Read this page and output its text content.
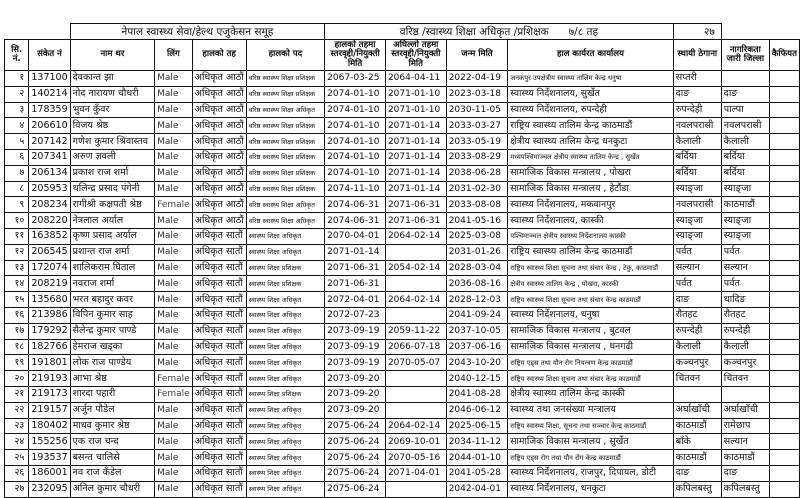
		नेपाल स्वास्थ्य सेवा/हेल्थ एजुकेसन समूह				वरिष्ठ /स्वास्थ्य शिक्षा अधिकृत /प्रशिक्षक      ७/८ तह				२७		
सि. नं.	संकेत नं	नाम थर	लिंग	हालको तह	हालको पद	हालको तहमा स्तरवृद्दी/नियुक्ती मिति	अघिल्लो तहमा स्तरवृद्दी/नियुक्ती मिति	जन्म मिति	हाल कार्यरत कार्यालय	स्थायी ठेगाना	नागरिकता जारी जिल्ला	कैफियत
१	137100	देवकान्त झा	Male	अधिकृत आठौं	वरिष्ठ स्वास्थ्य शिक्षा प्रशिक्षक	2067-03-25	2064-04-11	2022-04-19	जनकपुर उपक्षेत्रीय स्वास्थ्य तालिम केन्द्र धनुषा	सप्तरी		
२	140214	नोद नारायण चौधरी	Male	अधिकृत आठौं	वरिष्ठ स्वास्थ्य शिक्षा प्रशिक्षक	2074-01-10	2071-01-10	2023-03-18	स्वास्थ्य निर्देशनालय, सुर्खेत	दाङ	दाङ	
३	178359	भुवन कुँवर	Male	अधिकृत आठौं	वरिष्ठ स्वास्थ्य शिक्षा अधिकृत	2074-01-10	2071-01-10	2030-11-05	स्वास्थ्य निर्देशनालय, रुपन्देही	रुपन्देही	पाल्पा	
४	206610	विजय श्रेष्ठ	Male	अधिकृत आठौं	वरिष्ठ स्वास्थ्य शिक्षा प्रशिक्षक	2074-01-10	2071-01-14	2033-03-27	राष्ट्रिय स्वास्थ्य तालिम केन्द्र काठमाडौं	नवलपरासी	नवलपरासी	
५	207142	गणेश कुमार श्रिवास्तव	Male	अधिकृत आठौं	वरिष्ठ स्वास्थ्य शिक्षा प्रशिक्षक	2074-01-10	2071-01-14	2033-05-19	क्षेत्रीय स्वास्थ्य तालिम केन्द्र धनकुटा	कैलाली	कैलाली	
६	207341	अरुण ज्ञवली	Male	अधिकृत आठौं	वरिष्ठ स्वास्थ्य शिक्षा प्रशिक्षक	2074-01-10	2071-01-14	2033-08-29	मध्यपश्चिमाञ्चल क्षेत्रीय स्वास्थ्य तालिम केन्द्र , सुर्खेत	बर्दिया	बर्दिया	
७	206134	प्रकाश राज शर्मा	Male	अधिकृत आठौं	वरिष्ठ स्वास्थ्य शिक्षा प्रशिक्षक	2074-01-10	2071-01-14	2038-06-28	सामाजिक विकास मन्त्रालय , पोखरा	बर्दिया	बर्दिया	
८	205953	थलिन्द्र प्रसाद पंगेनी	Male	अधिकृत आठौं	वरिष्ठ स्वास्थ्य शिक्षा प्रशिक्षक	2074-11-10	2071-01-14	2031-02-30	सामाजिक विकास मन्त्रालय , हेटौंडा	स्याङ्जा	स्याङ्जा	
९	208234	रागीश्री कक्षपती श्रेष्ठ	Female	अधिकृत आठौं	वरिष्ठ स्वास्थ्य शिक्षा अधिकृत	2074-06-31	2071-06-31	2033-08-08	स्वास्थ्य निर्देशनालय, मकवानपुर	नवलपरासी	काठमाडौं	
१०	208220	नेत्रलाल अर्याल	Male	अधिकृत आठौं	वरिष्ठ स्वास्थ्य शिक्षा अधिकृत	2074-06-31	2071-06-31	2041-05-16	स्वास्थ्य निर्देशनालय, कास्की	स्याङ्जा	स्याङ्जा	
११	163852	कृष्ण प्रसाद अर्याल	Male	अधिकृत सातौं	स्वास्थ्य शिक्षा अधिकृत	2070-04-01	2064-02-14	2025-03-08	पश्चिमाञ्चल क्षेत्रीय स्वास्थ्य निर्देशनालय कास्की	स्याङ्जा	स्याङ्जा	
१२	206545	प्रशान्त राज शर्मा	Male	अधिकृत सातौं	स्वास्थ्य शिक्षा अधिकृत	2071-01-14		2031-01-26	राष्ट्रिय स्वास्थ्य तालिम केन्द्र काठमाडौं	पर्वत	पर्वत	
१३	172074	शालिकराम घिताल	Male	अधिकृत सातौं	स्वास्थ्य शिक्षा प्रशिक्षक	2071-06-31	2054-02-14	2028-03-04	राष्ट्रिय स्वास्थ्य शिक्षा सूचना तथा संचार केन्द्र , टेकु, काठमाडौं	सल्यान	सल्यान	
१४	208219	नवराज शर्मा	Male	अधिकृत सातौं	स्वास्थ्य शिक्षा प्रशिक्षक	2071-06-31		2036-08-16	क्षेत्रीय स्वास्थ्य तालिम केन्द्र , पोखरा, कास्की	पर्वत	पर्वत	
१५	135680	भरत बहादुर कवर	Male	अधिकृत सातौं	स्वास्थ्य शिक्षा अधिकृत	2072-04-01	2064-02-14	2028-12-03	राष्ट्रिय स्वास्थ्य शिक्षा सूचना तथा संचार केन्द्र काठमाडौं	दाङ	धादिङ	
१६	213986	विपिन कुमार साह	Male	अधिकृत सातौं	स्वास्थ्य शिक्षा अधिकृत	2072-07-23		2041-09-24	स्वास्थ्य निर्देशनालय, धनुषा	रौतहट	रौतहट	
१७	179292	सैलेन्द्र कुमार पाण्डे	Male	अधिकृत सातौं	स्वास्थ्य शिक्षा अधिकृत	2073-09-19	2059-11-22	2037-10-05	सामाजिक विकास मन्त्रालय , बुटवल	रुपन्देही	रुपन्देही	
१८	182766	हेमराज खड्का	Male	अधिकृत सातौं	स्वास्थ्य शिक्षा अधिकृत	2073-09-19	2066-07-18	2037-06-16	सामाजिक विकास मन्त्रालय , धनगढी	कैलाली	कैलाली	
१९	191801	लोक राज पाण्डेय	Male	अधिकृत सातौं	स्वास्थ्य शिक्षा अधिकृत	2073-09-19	2070-05-07	2043-10-20	राष्ट्रिय एड्स तथा यौन रोग नियन्त्रण केन्द्र काठमाडौं	कञ्चनपुर	कञ्चनपुर	
२०	219193	आभा श्रेष्ठ	Female	अधिकृत सातौं	स्वास्थ्य शिक्षा अधिकृत	2073-09-20		2040-12-15	राष्ट्रिय स्वास्थ्य शिक्षा सूचना तथा संचार केन्द्र काठमाडौं	चितवन	चितवन	
२१	219173	शारदा पहारी	Female	अधिकृत सातौं	स्वास्थ्य शिक्षा प्रशिक्षक	2073-09-20		2041-08-28	क्षेत्रीय स्वास्थ्य तालिम केन्द्र कास्की			
२२	219157	अर्जुन पौडेल	Male	अधिकृत सातौं	स्वास्थ्य शिक्षा अधिकृत	2073-09-20		2046-06-12	स्वास्थ्य तथा जनसंख्या मन्त्रालय	अर्घाखाँची	अर्घाखाँची	
२३	180402	माधव कुमार श्रेष्ठ	Male	अधिकृत सातौं	स्वास्थ्य शिक्षा अधिकृत	2075-06-24	2064-02-14	2025-06-15	राष्ट्रिय स्वास्थ्य शिक्षा, सूचना तथा सञ्चार केन्द्र काठमाडौं	काठमाडौं	रामेछाप	
२४	155256	एक राज चन्द	Male	अधिकृत सातौं	स्वास्थ्य शिक्षा अधिकृत	2075-06-24	2069-10-01	2034-11-12	सामाजिक विकास मन्त्रालय , सुर्खेत	बाँके	सल्यान	
२५	193537	बसन्त चालिसे	Male	अधिकृत सातौं	स्वास्थ्य शिक्षा अधिकृत	2075-06-24	2070-05-16	2044-01-10	राष्ट्रिय एड्स रोग तथा यौन रोग केन्द्र काठमाडौं	काठमाडौं	काठमाडौं	
२६	186001	नव राज कँडेल	Male	अधिकृत सातौं	स्वास्थ्य शिक्षा अधिकृत	2075-06-24	2071-04-01	2041-05-28	स्वास्थ्य निर्देशनालय, राजपुर, दिपायल, डोटी	दाङ	दाङ	
२७	232095	अनिल कुमार चौधरी	Male	अधिकृत सातौं	स्वास्थ्य शिक्षा अधिकृत	2075-06-24		2042-04-01	स्वास्थ्य निर्देशनालय, धनकुटा	कपिलबस्तु	कपिलबस्तु	
